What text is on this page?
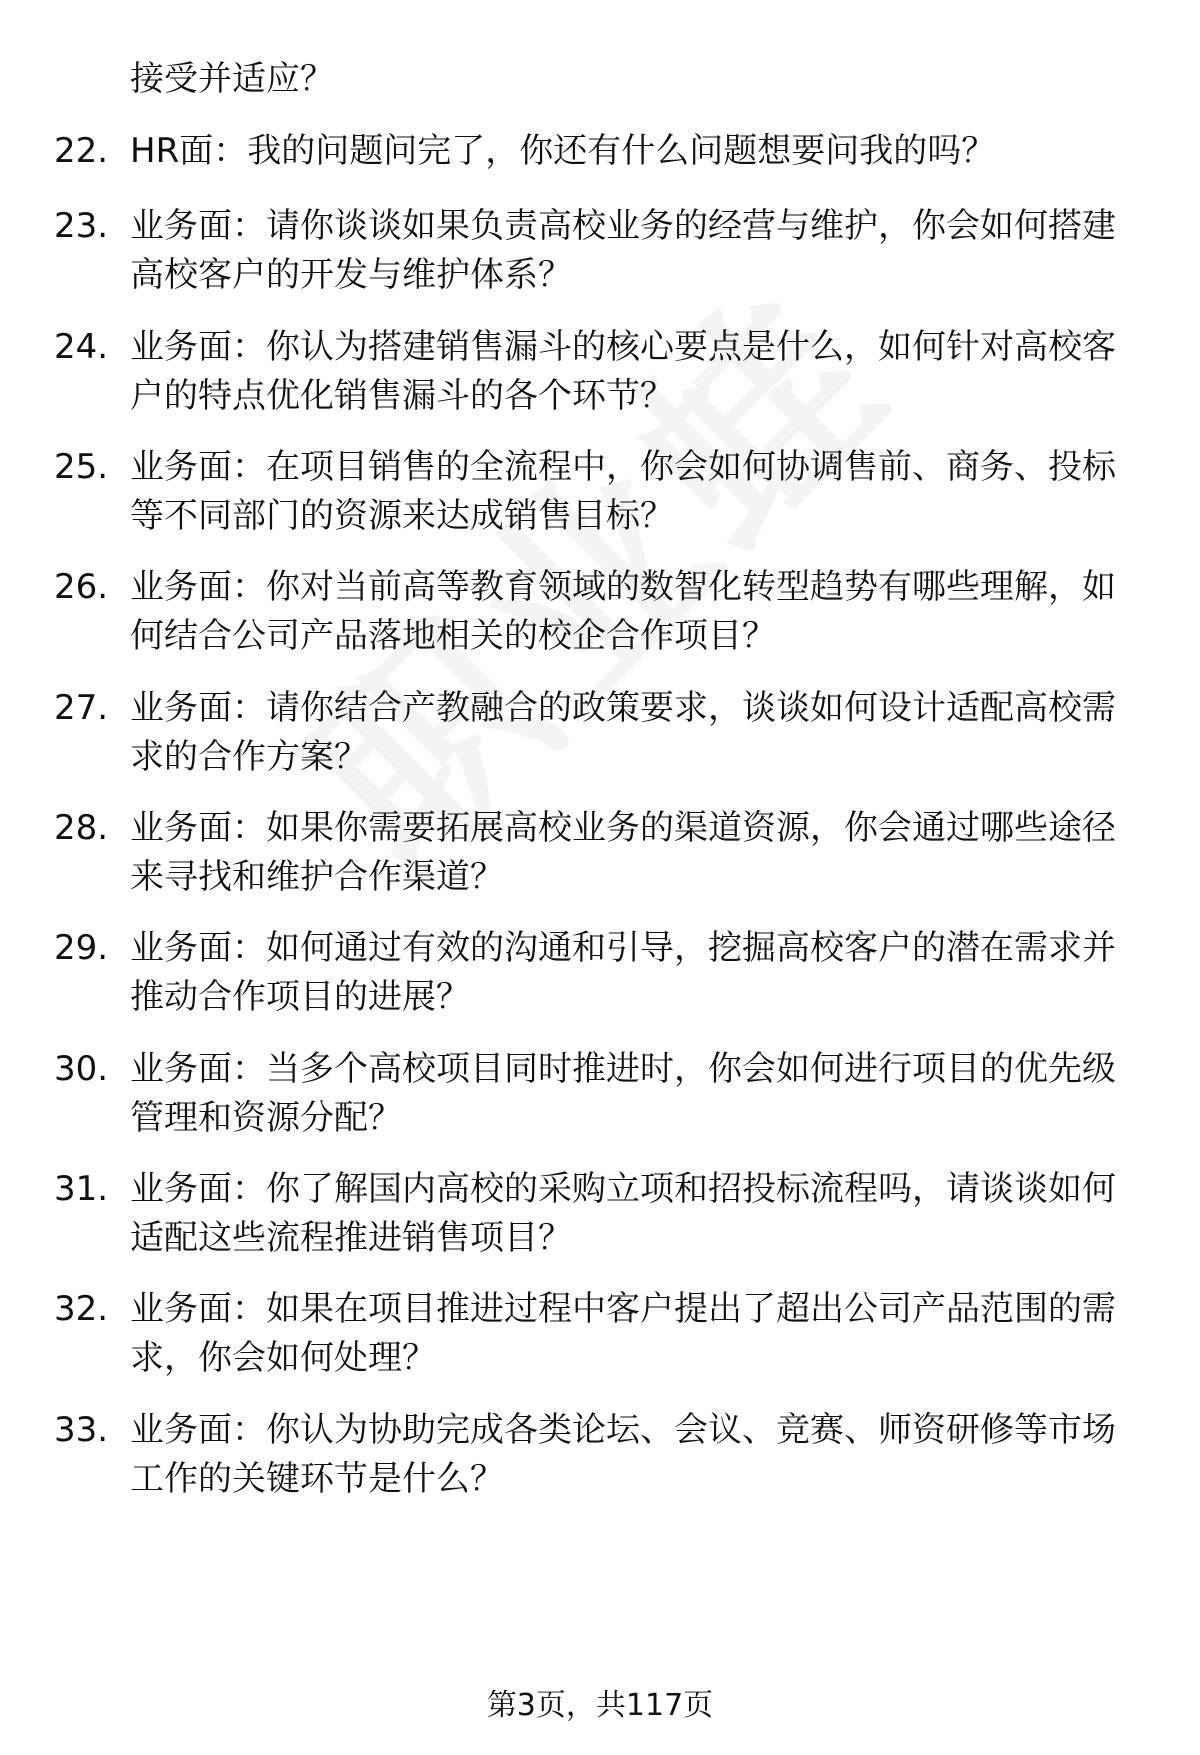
接受并适应？
22. HR面：我的问题问完了，你还有什么问题想要问我的吗？
23. 业务面：请你谈谈如果负责高校业务的经营与维护，你会如何搭建高校客户的开发与维护体系？
24. 业务面：你认为搭建销售漏斗的核心要点是什么，如何针对高校客户的特点优化销售漏斗的各个环节？
25. 业务面：在项目销售的全流程中，你会如何协调售前、商务、投标等不同部门的资源来达成销售目标？
26. 业务面：你对当前高等教育领域的数智化转型趋势有哪些理解，如何结合公司产品落地相关的校企合作项目？
27. 业务面：请你结合产教融合的政策要求，谈谈如何设计适配高校需求的合作方案？
28. 业务面：如果你需要拓展高校业务的渠道资源，你会通过哪些途径来寻找和维护合作渠道？
29. 业务面：如何通过有效的沟通和引导，挖掘高校客户的潜在需求并推动合作项目的进展？
30. 业务面：当多个高校项目同时推进时，你会如何进行项目的优先级管理和资源分配？
31. 业务面：你了解国内高校的采购立项和招投标流程吗，请谈谈如何适配这些流程推进销售项目？
32. 业务面：如果在项目推进过程中客户提出了超出公司产品范围的需求，你会如何处理？
33. 业务面：你认为协助完成各类论坛、会议、竞赛、师资研修等市场工作的关键环节是什么？
第3页，共117页
